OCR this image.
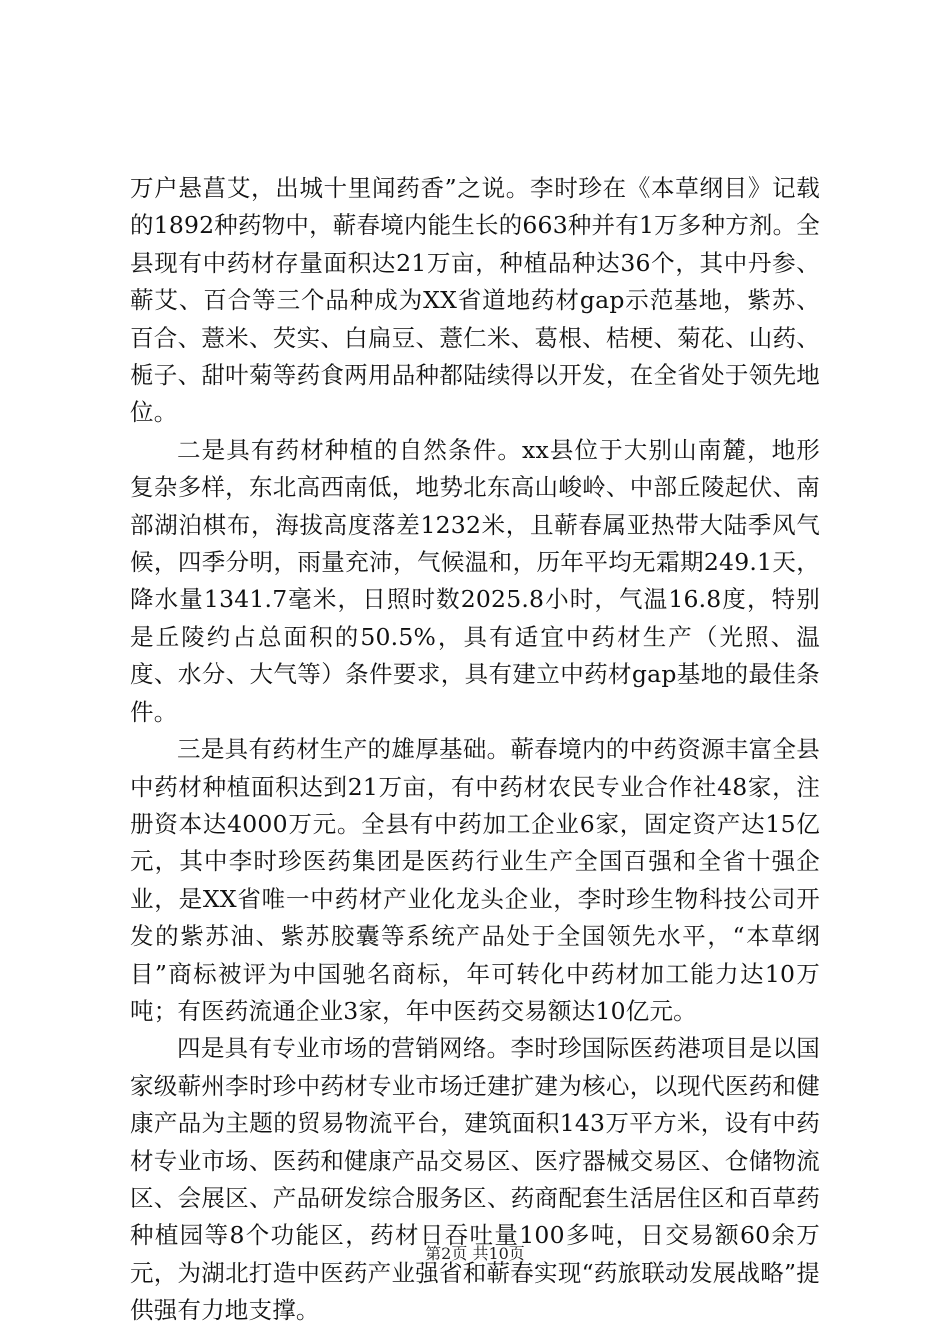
万户悬菖艾，出城十里闻药香”之说。李时珍在《本草纲目》记载的1892种药物中，蕲春境内能生长的663种并有1万多种方剂。全县现有中药材存量面积达21万亩，种植品种达36个，其中丹参、蕲艾、百合等三个品种成为XX省道地药材gap示范基地，紫苏、百合、薏米、芡实、白扁豆、薏仁米、葛根、桔梗、菊花、山药、栀子、甜叶菊等药食两用品种都陆续得以开发，在全省处于领先地位。

二是具有药材种植的自然条件。xx县位于大别山南麓，地形复杂多样，东北高西南低，地势北东高山峻岭、中部丘陵起伏、南部湖泊棋布，海拔高度落差1232米，且蕲春属亚热带大陆季风气候，四季分明，雨量充沛，气候温和，历年平均无霜期249.1天，降水量1341.7毫米，日照时数2025.8小时，气温16.8度，特别是丘陵约占总面积的50.5%，具有适宜中药材生产（光照、温度、水分、大气等）条件要求，具有建立中药材gap基地的最佳条件。

三是具有药材生产的雄厚基础。蕲春境内的中药资源丰富全县中药材种植面积达到21万亩，有中药材农民专业合作社48家，注册资本达4000万元。全县有中药加工企业6家，固定资产达15亿元，其中李时珍医药集团是医药行业生产全国百强和全省十强企业，是XX省唯一中药材产业化龙头企业，李时珍生物科技公司开发的紫苏油、紫苏胶囊等系统产品处于全国领先水平，“本草纲目”商标被评为中国驰名商标，年可转化中药材加工能力达10万吨；有医药流通企业3家，年中医药交易额达10亿元。

四是具有专业市场的营销网络。李时珍国际医药港项目是以国家级蕲州李时珍中药材专业市场迁建扩建为核心，以现代医药和健康产品为主题的贸易物流平台，建筑面积143万平方米，设有中药材专业市场、医药和健康产品交易区、医疗器械交易区、仓储物流区、会展区、产品研发综合服务区、药商配套生活居住区和百草药种植园等8个功能区，药材日吞吐量100多吨，日交易额60余万元，为湖北打造中医药产业强省和蕲春实现“药旅联动发展战略”提供强有力地支撑。

第2页 共10页
